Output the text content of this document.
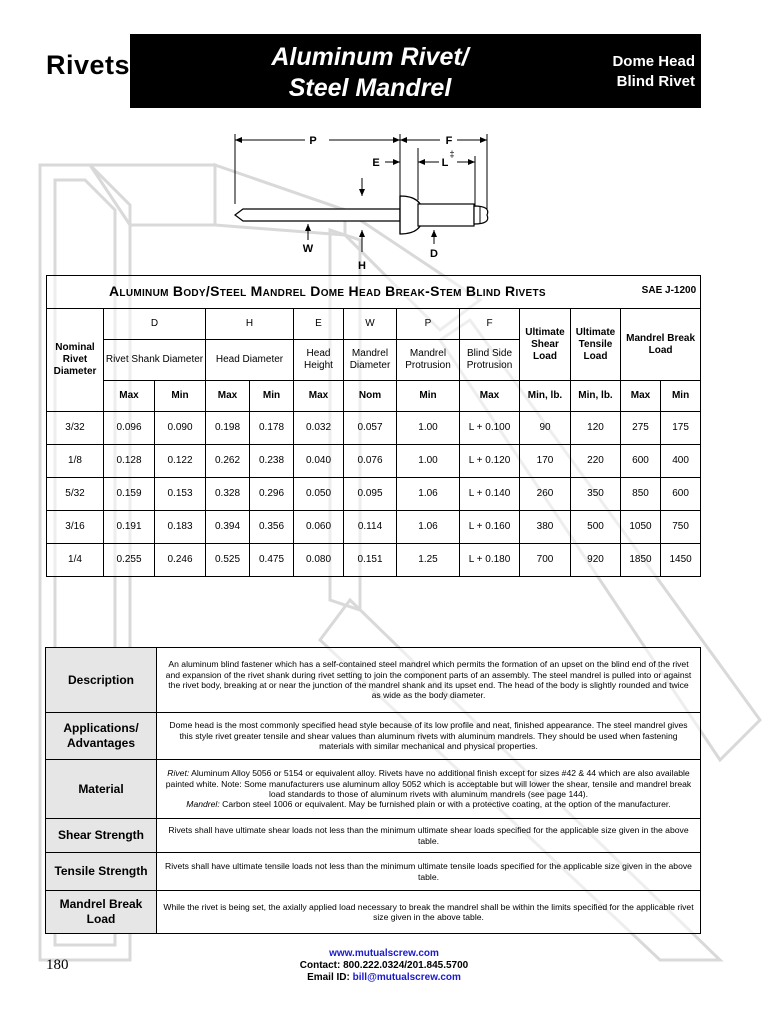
Rivets	Aluminum Rivet/
Steel Mandrel
Dome Head
Blind Rivet
P	F
E	L
W	D
H
‡
SAE J-1200
Aluminum Body/Steel Mandrel Dome Head Break-Stem Blind Rivets												
Nominal Rivet Diameter	D		H		E	W	P	F	Ultimate Shear Load	Ultimate Tensile Load	Mandrel Break Load	
	Rivet Shank Diameter		Head Diameter		Head Height	Mandrel Diameter	Mandrel Protrusion	Blind Side Protrusion				
	Max	Min	Max	Min	Max	Nom	Min	Max	Min, lb.	Min, lb.	Max	Min
3/32	0.096	0.090	0.198	0.178	0.032	0.057	1.00	L + 0.100	90	120	275	175
1/8	0.128	0.122	0.262	0.238	0.040	0.076	1.00	L + 0.120	170	220	600	400
5/32	0.159	0.153	0.328	0.296	0.050	0.095	1.06	L + 0.140	260	350	850	600
3/16	0.191	0.183	0.394	0.356	0.060	0.114	1.06	L + 0.160	380	500	1050	750
1/4	0.255	0.246	0.525	0.475	0.080	0.151	1.25	L + 0.180	700	920	1850	1450
Description	An aluminum blind fastener which has a self-contained steel mandrel which permits the formation of an upset on the blind end of the rivet and expansion of the rivet shank during rivet setting to join the component parts of an assembly. The steel mandrel is pulled into or against the rivet body, breaking at or near the junction of the mandrel shank and its upset end. The head of the body is slightly rounded and twice as wide as the body diameter.
Applications/ Advantages	Dome head is the most commonly specified head style because of its low profile and neat, finished appearance. The steel mandrel gives this style rivet greater tensile and shear values than aluminum rivets with aluminum mandrels. They should be used when fastening materials with similar mechanical and physical properties.
Material	Rivet: Aluminum Alloy 5056 or 5154 or equivalent alloy. Rivets have no additional finish except for sizes #42 & 44 which are also available painted white. Note: Some manufacturers use aluminum alloy 5052 which is acceptable but will lower the shear, tensile and mandrel break load standards to those of aluminum rivets with aluminum mandrels (see page 144).
Mandrel: Carbon steel 1006 or equivalent. May be furnished plain or with a protective coating, at the option of the manufacturer.
Shear Strength	Rivets shall have ultimate shear loads not less than the minimum ultimate shear loads specified for the applicable size given in the above table.
Tensile Strength	Rivets shall have ultimate tensile loads not less than the minimum ultimate tensile loads specified for the applicable size given in the above table.
Mandrel Break Load	While the rivet is being set, the axially applied load necessary to break the mandrel shall be within the limits specified for the applicable rivet size given in the above table.
180
www.mutualscrew.com
Contact: 800.222.0324/201.845.5700
Email ID: bill@mutualscrew.com
